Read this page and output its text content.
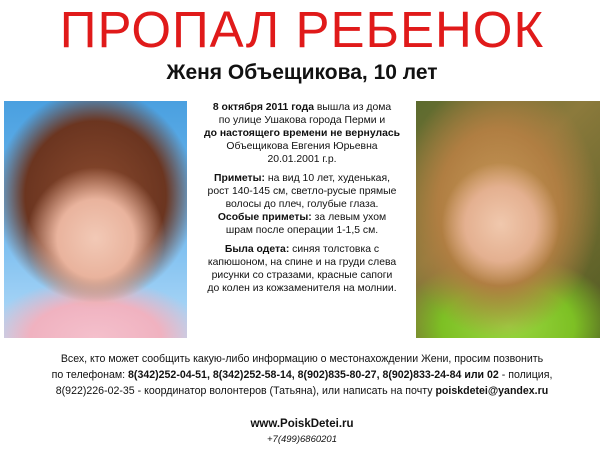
ПРОПАЛ РЕБЕНОК
Женя Объещикова, 10 лет

8 октября 2011 года вышла из дома

по улице Ушакова города Перми и

до настоящего времени не вернулась

Объещикова Евгения Юрьевна

20.01.2001 г.р.

Приметы: на вид 10 лет, худенькая,

рост 140-145 см, светло-русые прямые

волосы до плеч, голубые глаза.

Особые приметы: за левым ухом

шрам после операции 1-1,5 см.

Была одета: синяя толстовка с

капюшоном, на спине и на груди слева

рисунки со стразами, красные сапоги

до колен из кожзаменителя на молнии.

Всех, кто может сообщить какую-либо информацию о местонахождении Жени, просим позвонить

по телефонам: 8(342)252-04-51, 8(342)252-58-14, 8(902)835-80-27, 8(902)833-24-84 или 02 - полиция,

8(922)226-02-35 - координатор волонтеров (Татьяна), или написать на почту poiskdetei@yandex.ru

www.PoiskDetei.ru
+7(499)6860201
